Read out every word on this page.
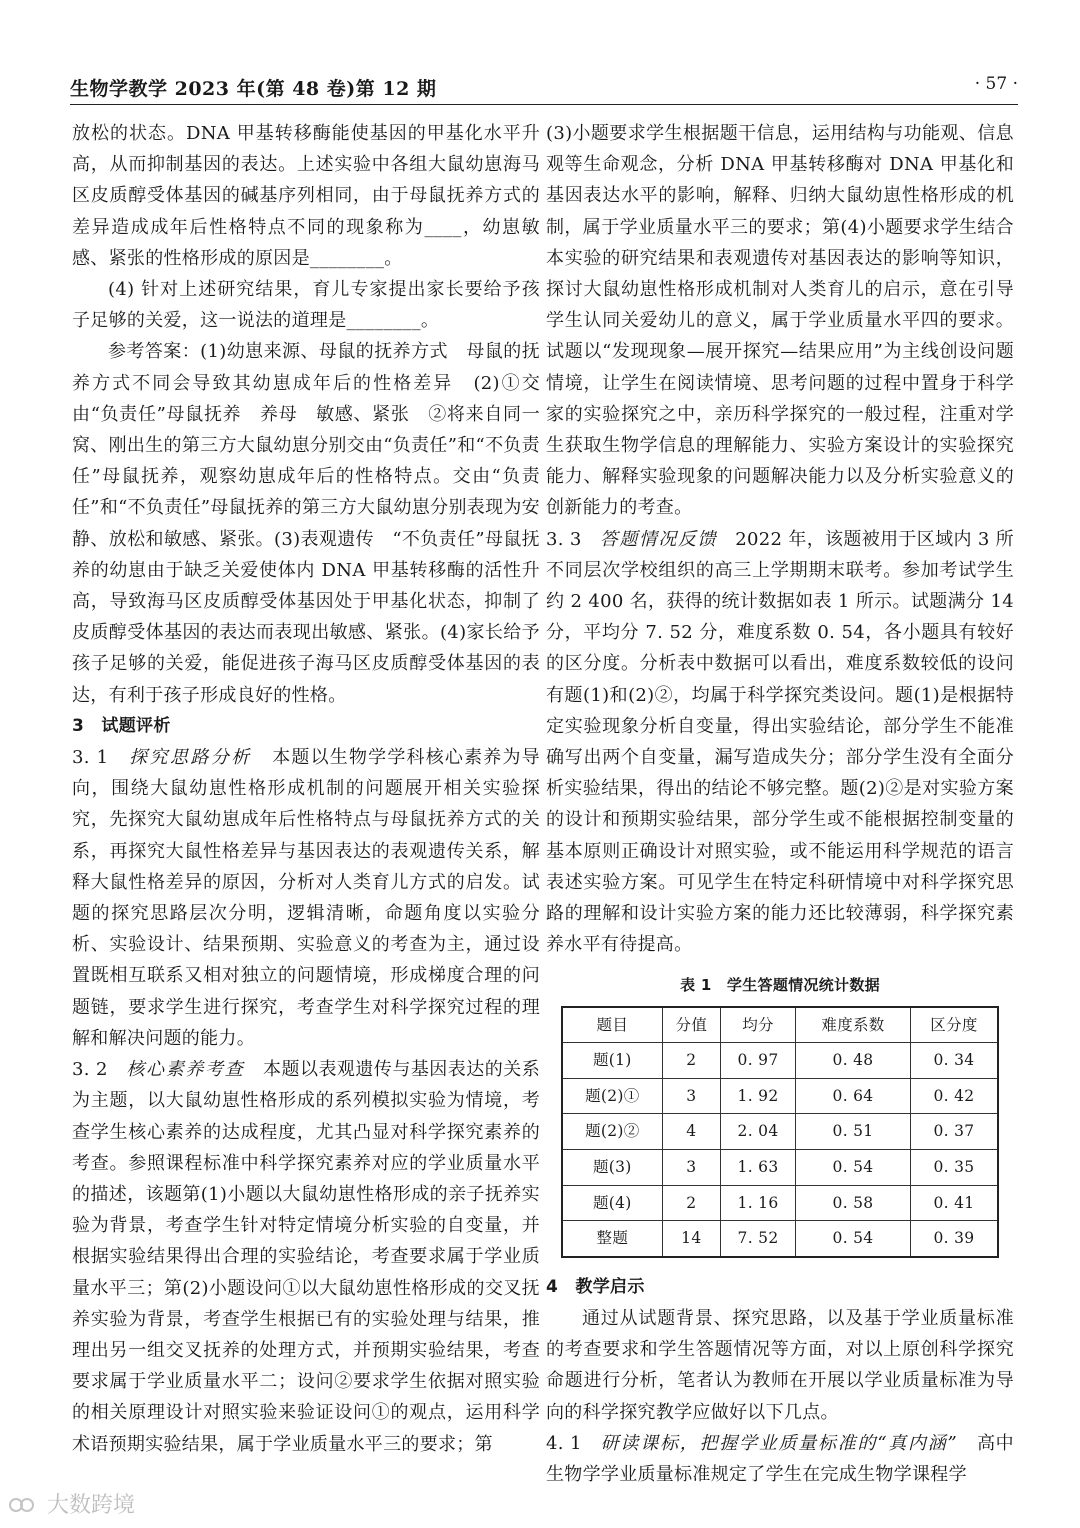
生物学教学 2023 年(第 48 卷)第 12 期	· 57 ·

放松的状态。DNA 甲基转移酶能使基因的甲基化水平升高，从而抑制基因的表达。上述实验中各组大鼠幼崽海马区皮质醇受体基因的碱基序列相同，由于母鼠抚养方式的差异造成成年后性格特点不同的现象称为____，幼崽敏感、紧张的性格形成的原因是________。

(4) 针对上述研究结果，育儿专家提出家长要给予孩子足够的关爱，这一说法的道理是________。

参考答案：(1)幼崽来源、母鼠的抚养方式　母鼠的抚养方式不同会导致其幼崽成年后的性格差异　(2)①交由“负责任”母鼠抚养　养母　敏感、紧张　②将来自同一窝、刚出生的第三方大鼠幼崽分别交由“负责任”和“不负责任”母鼠抚养，观察幼崽成年后的性格特点。交由“负责任”和“不负责任”母鼠抚养的第三方大鼠幼崽分别表现为安静、放松和敏感、紧张。(3)表观遗传　“不负责任”母鼠抚养的幼崽由于缺乏关爱使体内 DNA 甲基转移酶的活性升高，导致海马区皮质醇受体基因处于甲基化状态，抑制了皮质醇受体基因的表达而表现出敏感、紧张。(4)家长给予孩子足够的关爱，能促进孩子海马区皮质醇受体基因的表达，有利于孩子形成良好的性格。

3　试题评析

3. 1 探究思路分析 本题以生物学学科核心素养为导向，围绕大鼠幼崽性格形成机制的问题展开相关实验探究，先探究大鼠幼崽成年后性格特点与母鼠抚养方式的关系，再探究大鼠性格差异与基因表达的表观遗传关系，解释大鼠性格差异的原因，分析对人类育儿方式的启发。试题的探究思路层次分明，逻辑清晰，命题角度以实验分析、实验设计、结果预期、实验意义的考查为主，通过设置既相互联系又相对独立的问题情境，形成梯度合理的问题链，要求学生进行探究，考查学生对科学探究过程的理解和解决问题的能力。

3. 2 核心素养考查 本题以表观遗传与基因表达的关系为主题，以大鼠幼崽性格形成的系列模拟实验为情境，考查学生核心素养的达成程度，尤其凸显对科学探究素养的考查。参照课程标准中科学探究素养对应的学业质量水平的描述，该题第(1)小题以大鼠幼崽性格形成的亲子抚养实验为背景，考查学生针对特定情境分析实验的自变量，并根据实验结果得出合理的实验结论，考查要求属于学业质量水平三；第(2)小题设问①以大鼠幼崽性格形成的交叉抚养实验为背景，考查学生根据已有的实验处理与结果，推理出另一组交叉抚养的处理方式，并预期实验结果，考查要求属于学业质量水平二；设问②要求学生依据对照实验的相关原理设计对照实验来验证设问①的观点，运用科学术语预期实验结果，属于学业质量水平三的要求；第

(3)小题要求学生根据题干信息，运用结构与功能观、信息观等生命观念，分析 DNA 甲基转移酶对 DNA 甲基化和基因表达水平的影响，解释、归纳大鼠幼崽性格形成的机制，属于学业质量水平三的要求；第(4)小题要求学生结合本实验的研究结果和表观遗传对基因表达的影响等知识，探讨大鼠幼崽性格形成机制对人类育儿的启示，意在引导学生认同关爱幼儿的意义，属于学业质量水平四的要求。试题以“发现现象—展开探究—结果应用”为主线创设问题情境，让学生在阅读情境、思考问题的过程中置身于科学家的实验探究之中，亲历科学探究的一般过程，注重对学生获取生物学信息的理解能力、实验方案设计的实验探究能力、解释实验现象的问题解决能力以及分析实验意义的创新能力的考查。

3. 3 答题情况反馈 2022 年，该题被用于区域内 3 所不同层次学校组织的高三上学期期末联考。参加考试学生约 2 400 名，获得的统计数据如表 1 所示。试题满分 14 分，平均分 7. 52 分，难度系数 0. 54，各小题具有较好的区分度。分析表中数据可以看出，难度系数较低的设问有题(1)和(2)②，均属于科学探究类设问。题(1)是根据特定实验现象分析自变量，得出实验结论，部分学生不能准确写出两个自变量，漏写造成失分；部分学生没有全面分析实验结果，得出的结论不够完整。题(2)②是对实验方案的设计和预期实验结果，部分学生或不能根据控制变量的基本原则正确设计对照实验，或不能运用科学规范的语言表述实验方案。可见学生在特定科研情境中对科学探究思路的理解和设计实验方案的能力还比较薄弱，科学探究素养水平有待提高。

表 1　学生答题情况统计数据
题目	分值	均分	难度系数	区分度
题(1)	2	0. 97	0. 48	0. 34
题(2)①	3	1. 92	0. 64	0. 42
题(2)②	4	2. 04	0. 51	0. 37
题(3)	3	1. 63	0. 54	0. 35
题(4)	2	1. 16	0. 58	0. 41
整题	14	7. 52	0. 54	0. 39

4　教学启示

通过从试题背景、探究思路，以及基于学业质量标准的考查要求和学生答题情况等方面，对以上原创科学探究命题进行分析，笔者认为教师在开展以学业质量标准为导向的科学探究教学应做好以下几点。

4. 1 研读课标，把握学业质量标准的“真内涵” 高中生物学学业质量标准规定了学生在完成生物学课程学

大数跨境
